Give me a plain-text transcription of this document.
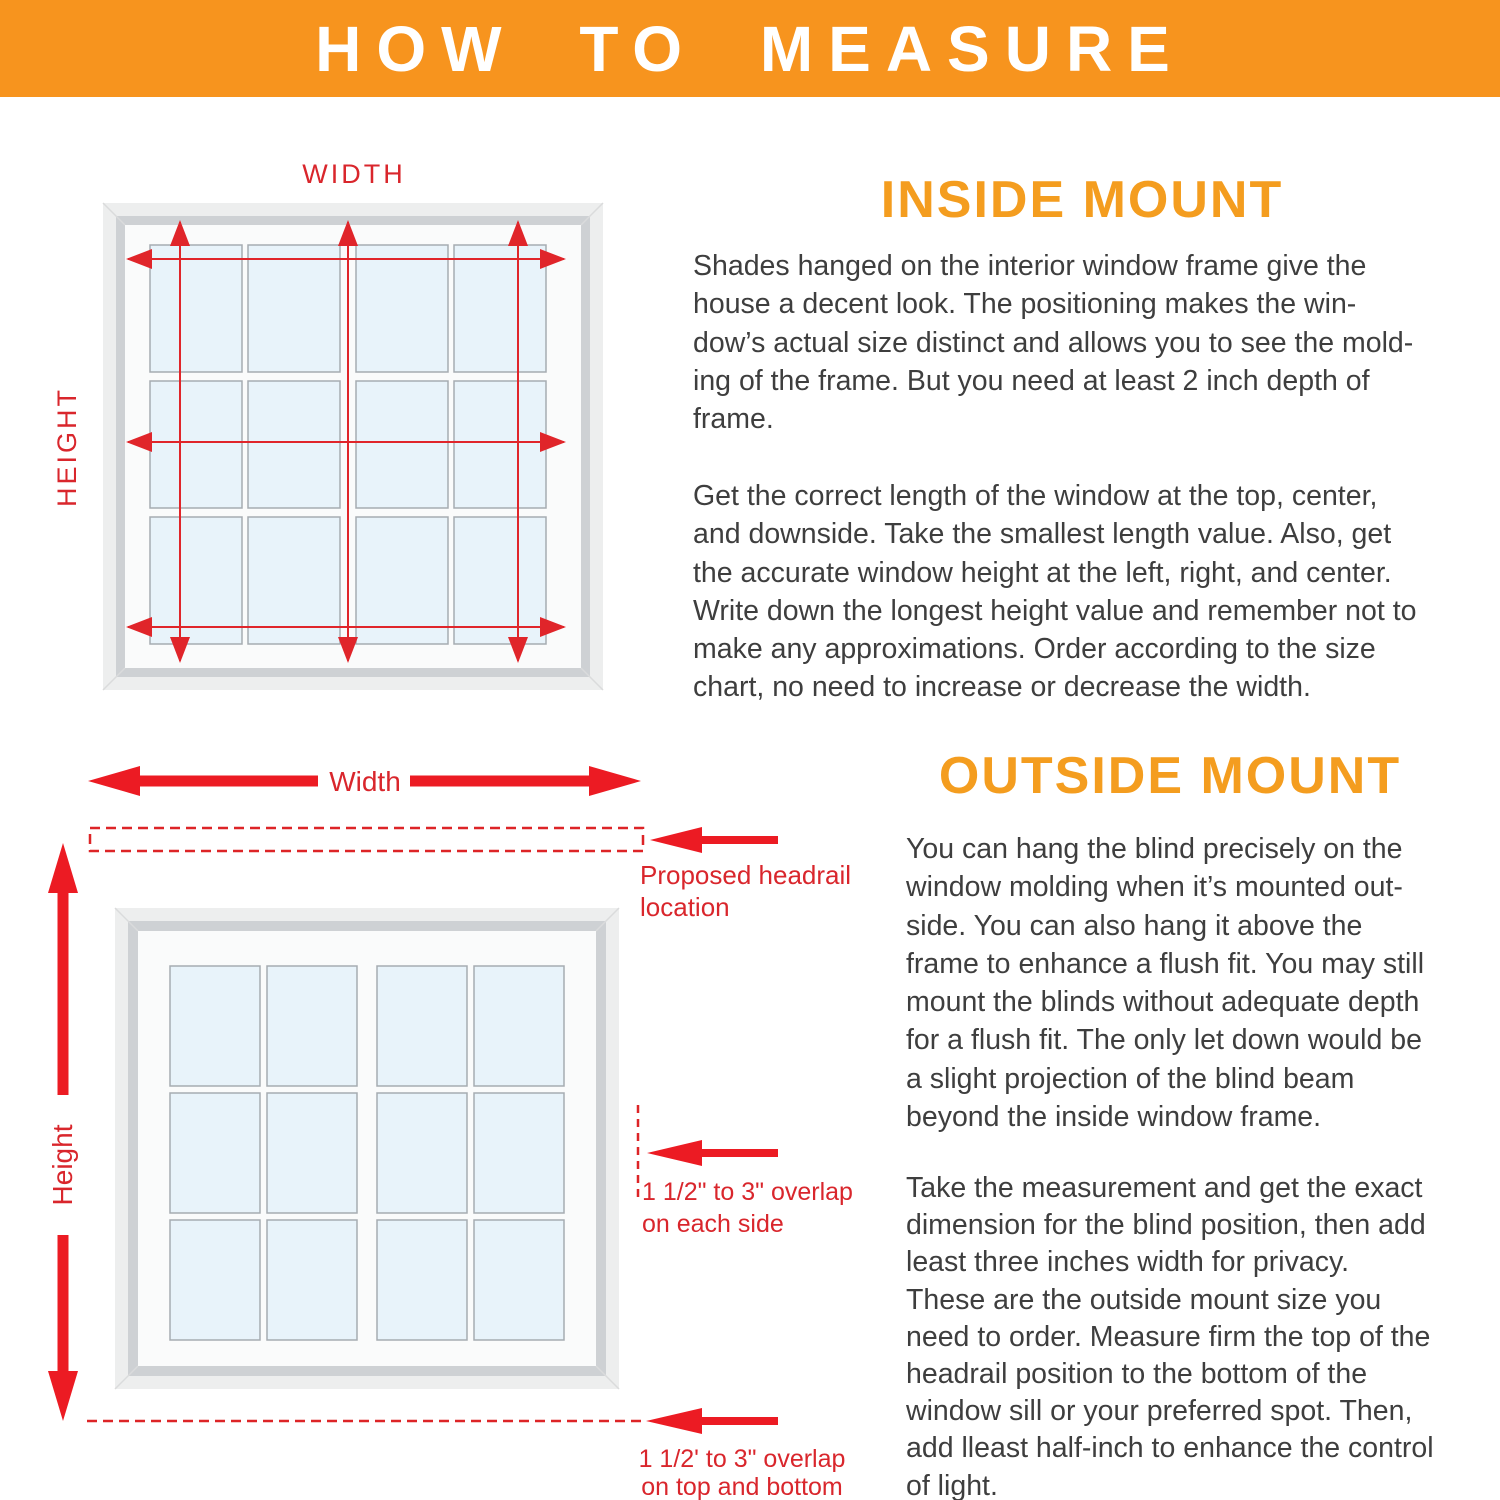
HOW TO MEASURE
WIDTH
HEIGHT
Width
Proposed headrail
location
Height	1 1/2" to 3" overlap
on each side
1 1/2' to 3" overlap
on top and bottom
INSIDE MOUNT
Shades hanged on the interior window frame give the
house a decent look. The positioning makes the win-
dow’s actual size distinct and allows you to see the mold-
ing of the frame. But you need at least 2 inch depth of
frame.
Get the correct length of the window at the top, center,
and downside. Take the smallest length value. Also, get
the accurate window height at the left, right, and center.
Write down the longest height value and remember not to
make any approximations. Order according to the size
chart, no need to increase or decrease the width.
OUTSIDE MOUNT
You can hang the blind precisely on the
window molding when it’s mounted out-
side. You can also hang it above the
frame to enhance a flush fit. You may still
mount the blinds without adequate depth
for a flush fit. The only let down would be
a slight projection of the blind beam
beyond the inside window frame.
Take the measurement and get the exact
dimension for the blind position, then add
least three inches width for privacy.
These are the outside mount size you
need to order. Measure firm the top of the
headrail position to the bottom of the
window sill or your preferred spot. Then,
add lleast half-inch to enhance the control
of light.
